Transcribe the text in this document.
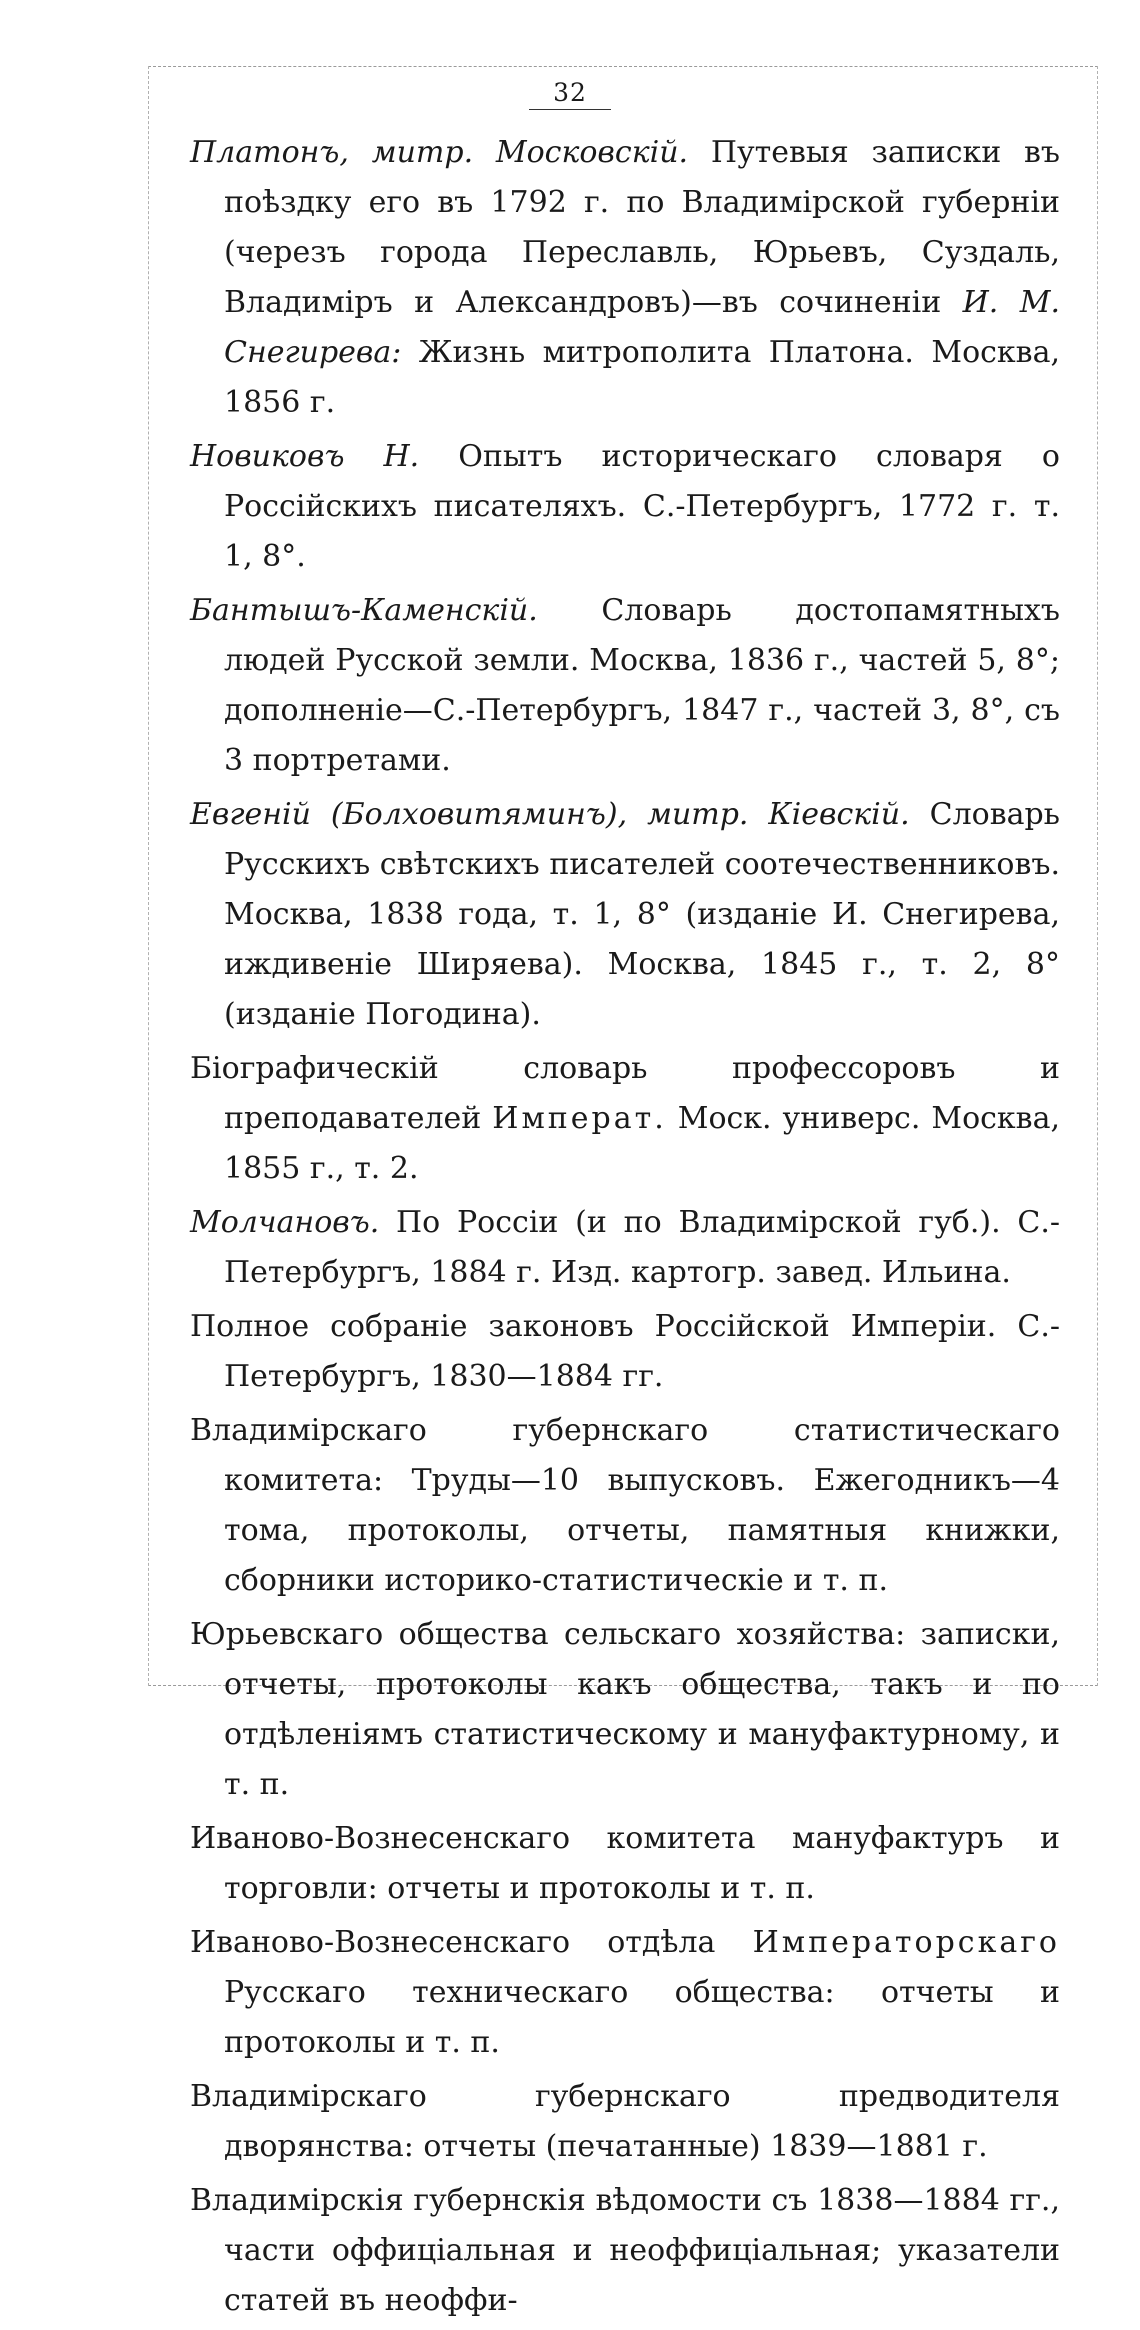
32

Платонъ, митр. Московскій. Путевыя записки въ поѣздку его въ 1792 г. по Владимірской губерніи (черезъ города Переславль, Юрьевъ, Суздаль, Владиміръ и Александровъ)—въ сочиненіи И. М. Снегирева: Жизнь митрополита Платона. Москва, 1856 г.

Новиковъ Н. Опытъ историческаго словаря о Россійскихъ писателяхъ. С.-Петербургъ, 1772 г. т. 1, 8°.

Бантышъ-Каменскій. Словарь достопамятныхъ людей Русской земли. Москва, 1836 г., частей 5, 8°; дополненіе—С.-Петербургъ, 1847 г., частей 3, 8°, съ 3 портретами.

Евгеній (Болховитяминъ), митр. Кіевскій. Словарь Русскихъ свѣтскихъ писателей соотечественниковъ. Москва, 1838 года, т. 1, 8° (изданіе И. Снегирева, иждивеніе Ширяева). Москва, 1845 г., т. 2, 8° (изданіе Погодина).

Біографическій словарь профессоровъ и преподавателей Императ. Моск. универс. Москва, 1855 г., т. 2.

Молчановъ. По Россіи (и по Владимірской губ.). С.-Петербургъ, 1884 г. Изд. картогр. завед. Ильина.

Полное собраніе законовъ Россійской Имперіи. С.-Петербургъ, 1830—1884 гг.

Владимірскаго губернскаго статистическаго комитета: Труды—10 выпусковъ. Ежегодникъ—4 тома, протоколы, отчеты, памятныя книжки, сборники историко-статистическіе и т. п.

Юрьевскаго общества сельскаго хозяйства: записки, отчеты, протоколы какъ общества, такъ и по отдѣленіямъ статистическому и мануфактурному, и т. п.

Иваново-Вознесенскаго комитета мануфактуръ и торговли: отчеты и протоколы и т. п.

Иваново-Вознесенскаго отдѣла Императорскаго Русскаго техническаго общества: отчеты и протоколы и т. п.

Владимірскаго губернскаго предводителя дворянства: отчеты (печатанные) 1839—1881 г.

Владимірскія губернскія вѣдомости съ 1838—1884 гг., части оффиціальная и неоффиціальная; указатели статей въ неоффи-
